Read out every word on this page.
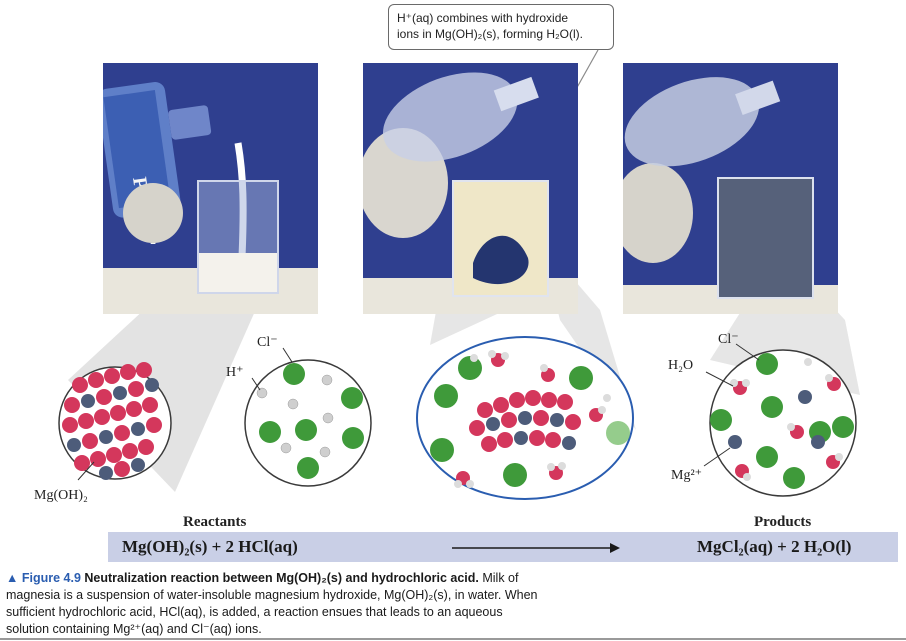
H⁺(aq) combines with hydroxide
ions in Mg(OH)₂(s), forming H₂O(l).
Mg(OH)₂
Cl⁻
H⁺
Cl⁻
H₂O
Mg²⁺
Reactants	Products
Mg(OH)₂(s) + 2 HCl(aq)	MgCl₂(aq) + 2 H₂O(l)
▲ Figure 4.9 Neutralization reaction between Mg(OH)₂(s) and hydrochloric acid. Milk of
magnesia is a suspension of water-insoluble magnesium hydroxide, Mg(OH)₂(s), in water. When
sufficient hydrochloric acid, HCl(aq), is added, a reaction ensues that leads to an aqueous
solution containing Mg²⁺(aq) and Cl⁻(aq) ions.
